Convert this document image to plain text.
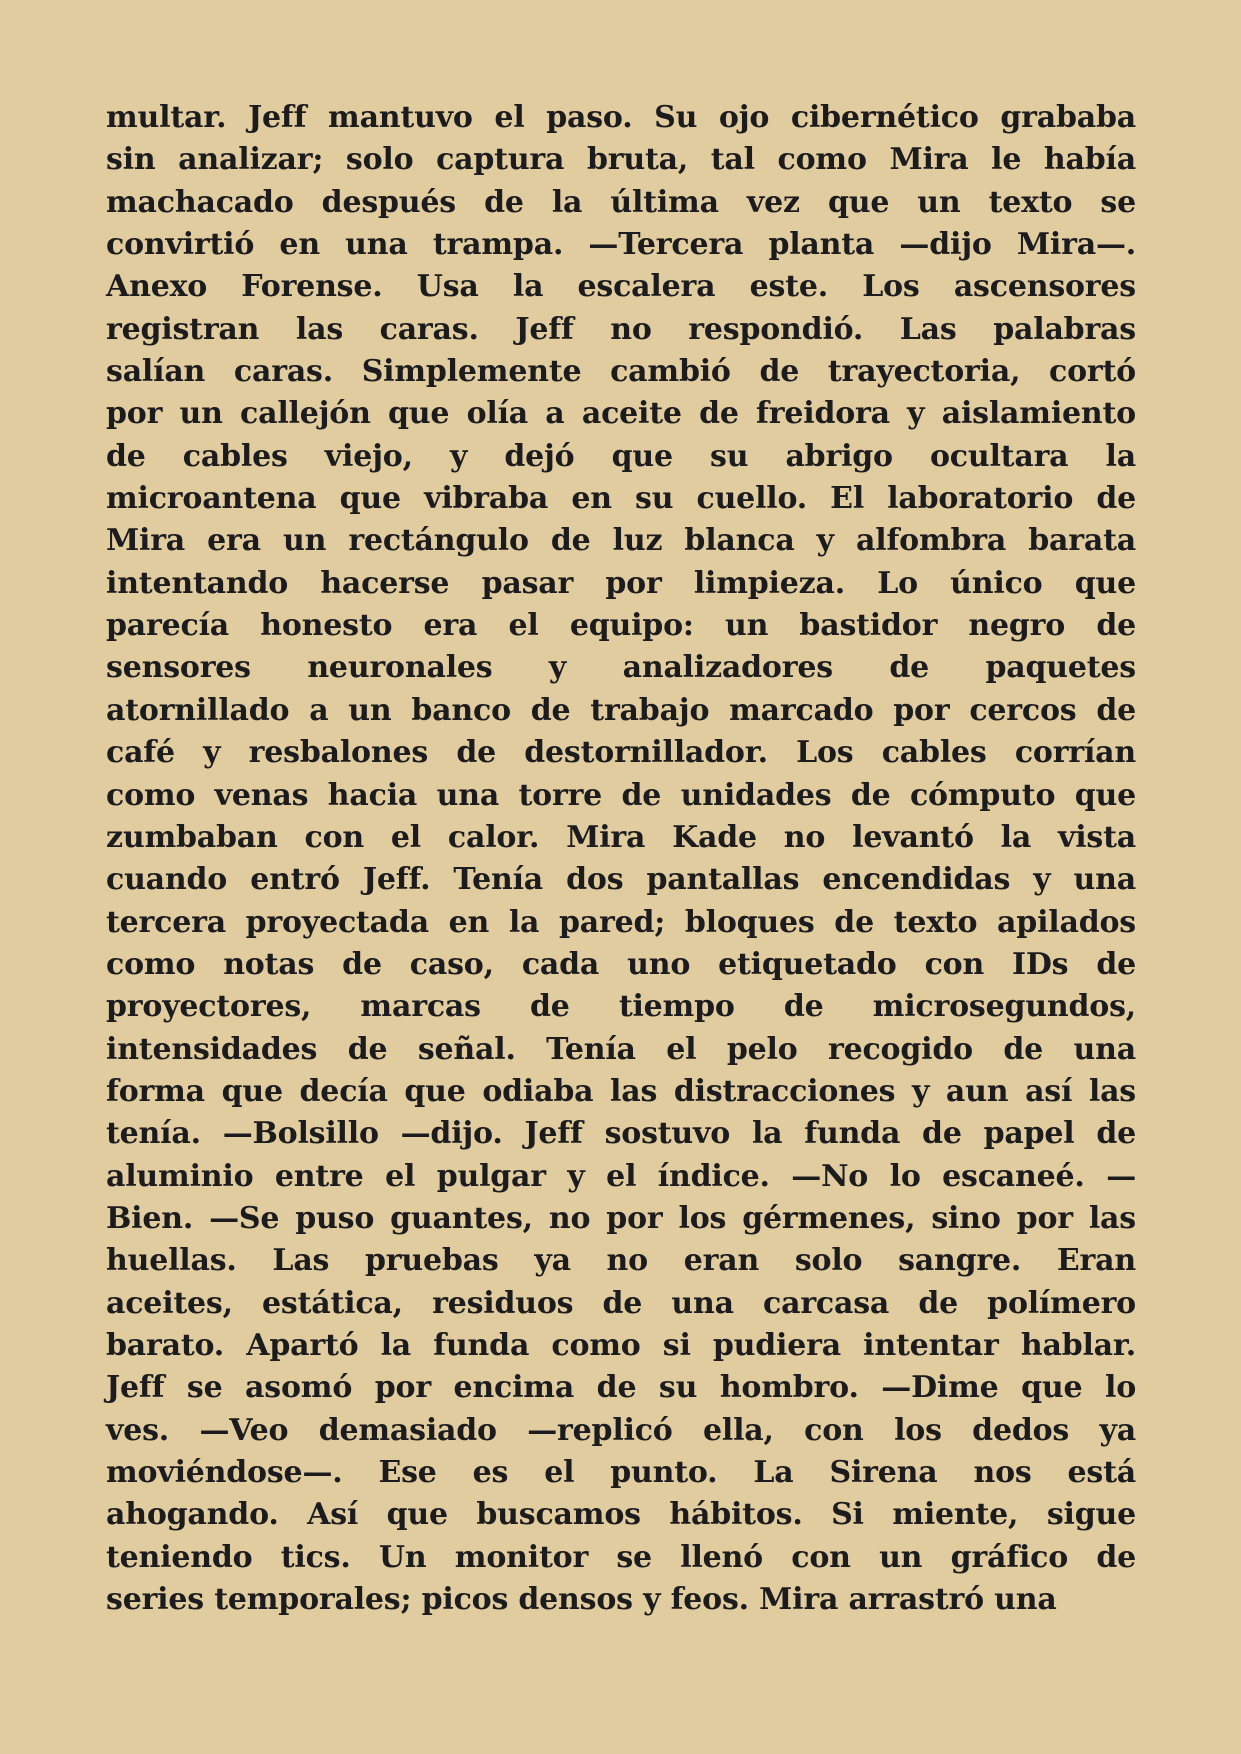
multar. Jeff mantuvo el paso. Su ojo cibernético grababa
sin analizar; solo captura bruta, tal como Mira le había
machacado después de la última vez que un texto se
convirtió en una trampa. —Tercera planta —dijo Mira—.
Anexo Forense. Usa la escalera este. Los ascensores
registran las caras. Jeff no respondió. Las palabras
salían caras. Simplemente cambió de trayectoria, cortó
por un callejón que olía a aceite de freidora y aislamiento
de cables viejo, y dejó que su abrigo ocultara la
microantena que vibraba en su cuello. El laboratorio de
Mira era un rectángulo de luz blanca y alfombra barata
intentando hacerse pasar por limpieza. Lo único que
parecía honesto era el equipo: un bastidor negro de
sensores neuronales y analizadores de paquetes
atornillado a un banco de trabajo marcado por cercos de
café y resbalones de destornillador. Los cables corrían
como venas hacia una torre de unidades de cómputo que
zumbaban con el calor. Mira Kade no levantó la vista
cuando entró Jeff. Tenía dos pantallas encendidas y una
tercera proyectada en la pared; bloques de texto apilados
como notas de caso, cada uno etiquetado con IDs de
proyectores, marcas de tiempo de microsegundos,
intensidades de señal. Tenía el pelo recogido de una
forma que decía que odiaba las distracciones y aun así las
tenía. —Bolsillo —dijo. Jeff sostuvo la funda de papel de
aluminio entre el pulgar y el índice. —No lo escaneé. —
Bien. —Se puso guantes, no por los gérmenes, sino por las
huellas. Las pruebas ya no eran solo sangre. Eran
aceites, estática, residuos de una carcasa de polímero
barato. Apartó la funda como si pudiera intentar hablar.
Jeff se asomó por encima de su hombro. —Dime que lo
ves. —Veo demasiado —replicó ella, con los dedos ya
moviéndose—. Ese es el punto. La Sirena nos está
ahogando. Así que buscamos hábitos. Si miente, sigue
teniendo tics. Un monitor se llenó con un gráfico de
series temporales; picos densos y feos. Mira arrastró una
